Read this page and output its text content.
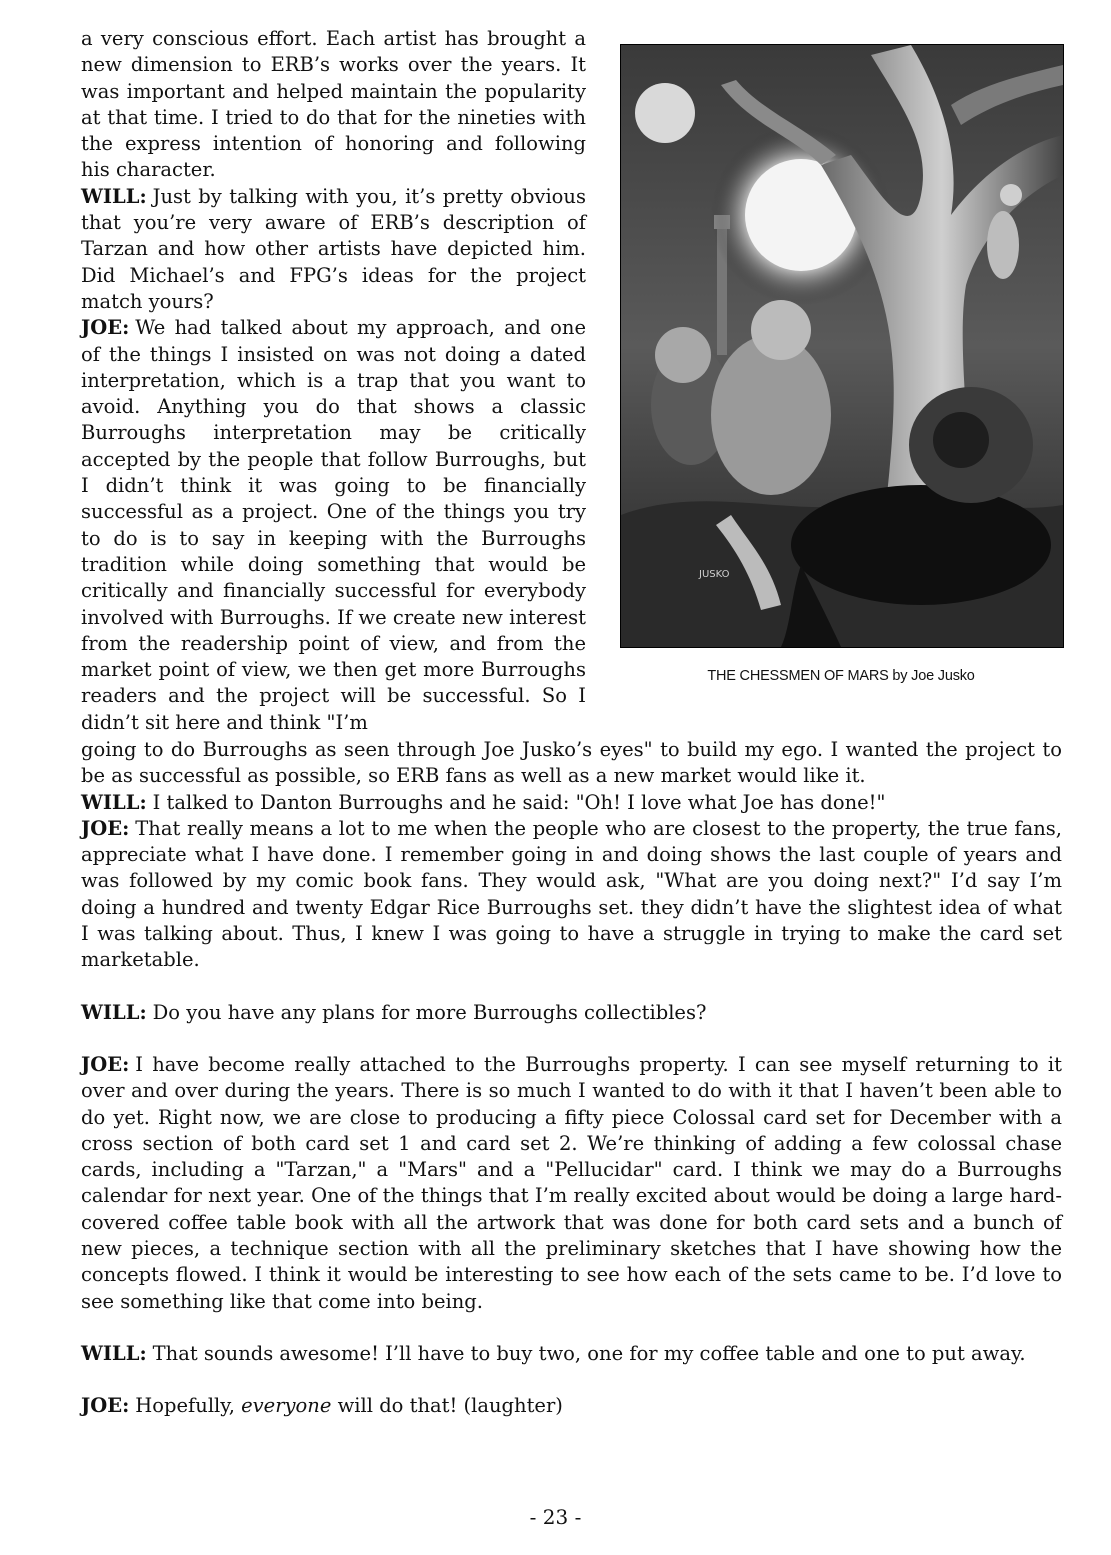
a very conscious effort. Each artist has brought a new dimension to ERB’s works over the years. It was important and helped maintain the popularity at that time. I tried to do that for the nineties with the express intention of honoring and following his character.

WILL: Just by talking with you, it’s pretty obvious that you’re very aware of ERB’s description of Tarzan and how other artists have depicted him. Did Michael’s and FPG’s ideas for the project match yours?

JOE: We had talked about my approach, and one of the things I insisted on was not doing a dated interpretation, which is a trap that you want to avoid. Anything you do that shows a classic Burroughs interpretation may be critically accepted by the people that follow Burroughs, but I didn’t think it was going to be financially successful as a project. One of the things you try to do is to say in keeping with the Burroughs tradition while doing something that would be critically and financially successful for everybody involved with Burroughs. If we create new interest from the readership point of view, and from the market point of view, we then get more Burroughs readers and the project will be successful. So I didn’t sit here and think "I’m

JUSKO
THE CHESSMEN OF MARS by Joe Jusko

going to do Burroughs as seen through Joe Jusko’s eyes" to build my ego. I wanted the project to be as successful as possible, so ERB fans as well as a new market would like it.

WILL: I talked to Danton Burroughs and he said: "Oh! I love what Joe has done!"

JOE: That really means a lot to me when the people who are closest to the property, the true fans, appreciate what I have done. I remember going in and doing shows the last couple of years and was followed by my comic book fans. They would ask, "What are you doing next?" I’d say I’m doing a hundred and twenty Edgar Rice Burroughs set. they didn’t have the slightest idea of what I was talking about. Thus, I knew I was going to have a struggle in trying to make the card set marketable.

WILL: Do you have any plans for more Burroughs collectibles?

JOE: I have become really attached to the Burroughs property. I can see myself returning to it over and over during the years. There is so much I wanted to do with it that I haven’t been able to do yet. Right now, we are close to producing a fifty piece Colossal card set for December with a cross section of both card set 1 and card set 2. We’re thinking of adding a few colossal chase cards, including a "Tarzan," a "Mars" and a "Pellucidar" card. I think we may do a Burroughs calendar for next year. One of the things that I’m really excited about would be doing a large hard-covered coffee table book with all the artwork that was done for both card sets and a bunch of new pieces, a technique section with all the preliminary sketches that I have showing how the concepts flowed. I think it would be interesting to see how each of the sets came to be. I’d love to see something like that come into being.

WILL: That sounds awesome! I’ll have to buy two, one for my coffee table and one to put away.

JOE: Hopefully, everyone will do that! (laughter)

- 23 -
